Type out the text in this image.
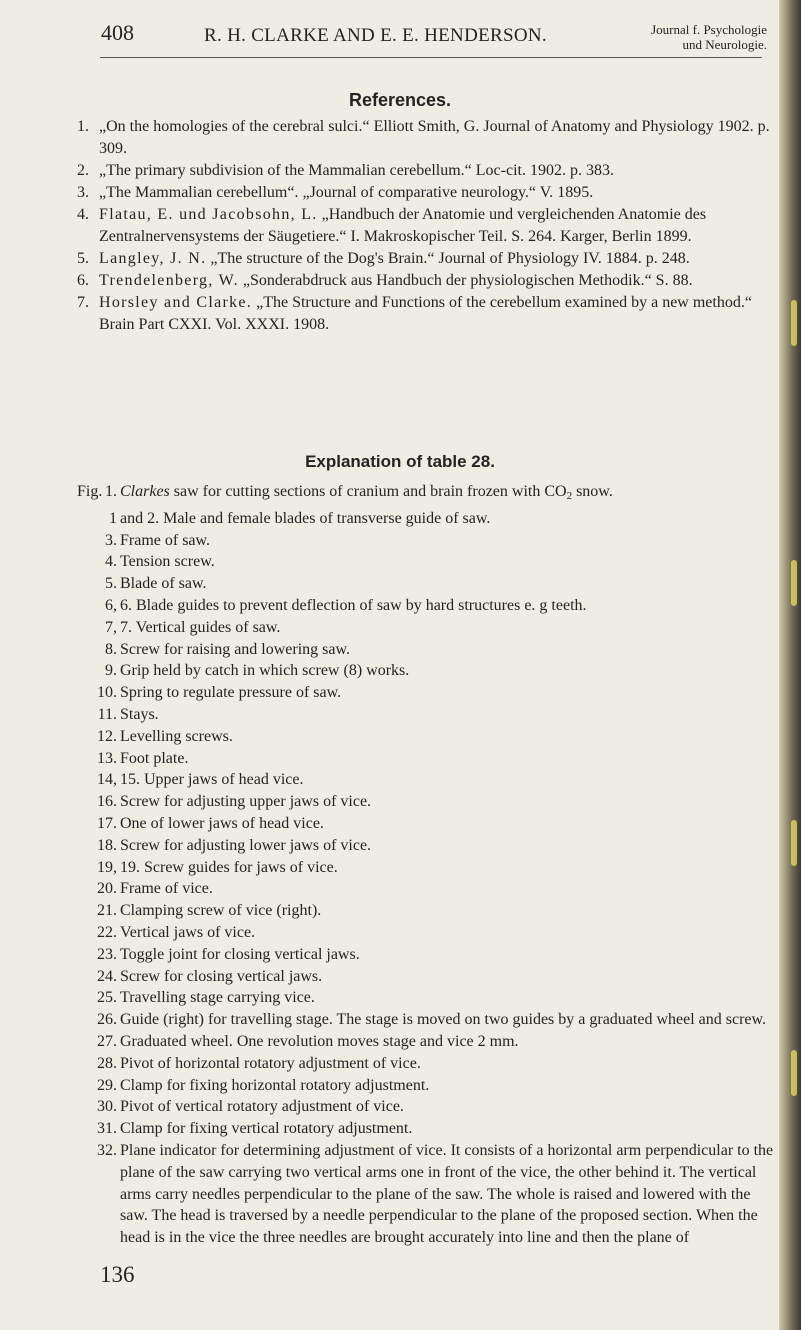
408	R. H. CLARKE AND E. E. HENDERSON.	Journal f. Psychologie
und Neurologie.
References.
1. „On the homologies of the cerebral sulci.“ Elliott Smith, G. Journal of Anatomy and Physiology 1902. p. 309.
2. „The primary subdivision of the Mammalian cerebellum.“ Loc-cit. 1902. p. 383.
3. „The Mammalian cerebellum“. „Journal of comparative neurology.“ V. 1895.
4. Flatau, E. und Jacobsohn, L. „Handbuch der Anatomie und vergleichenden Anatomie des Zentralnervensystems der Säugetiere.“ I. Makroskopischer Teil. S. 264. Karger, Berlin 1899.
5. Langley, J. N. „The structure of the Dog's Brain.“ Journal of Physiology IV. 1884. p. 248.
6. Trendelenberg, W. „Sonderabdruck aus Handbuch der physiologischen Methodik.“ S. 88.
7. Horsley and Clarke. „The Structure and Functions of the cerebellum examined by a new method.“ Brain Part CXXI. Vol. XXXI. 1908.
Explanation of table 28.
Fig. 1. Clarkes saw for cutting sections of cranium and brain frozen with $CO_2$ snow.
1 and 2. Male and female blades of transverse guide of saw.
3. Frame of saw.
4. Tension screw.
5. Blade of saw.
6, 6. Blade guides to prevent deflection of saw by hard structures e. g teeth.
7, 7. Vertical guides of saw.
8. Screw for raising and lowering saw.
9. Grip held by catch in which screw (8) works.
10. Spring to regulate pressure of saw.
11. Stays.
12. Levelling screws.
13. Foot plate.
14, 15. Upper jaws of head vice.
16. Screw for adjusting upper jaws of vice.
17. One of lower jaws of head vice.
18. Screw for adjusting lower jaws of vice.
19, 19. Screw guides for jaws of vice.
20. Frame of vice.
21. Clamping screw of vice (right).
22. Vertical jaws of vice.
23. Toggle joint for closing vertical jaws.
24. Screw for closing vertical jaws.
25. Travelling stage carrying vice.
26. Guide (right) for travelling stage. The stage is moved on two guides by a graduated wheel and screw.
27. Graduated wheel. One revolution moves stage and vice 2 mm.
28. Pivot of horizontal rotatory adjustment of vice.
29. Clamp for fixing horizontal rotatory adjustment.
30. Pivot of vertical rotatory adjustment of vice.
31. Clamp for fixing vertical rotatory adjustment.
32. Plane indicator for determining adjustment of vice. It consists of a horizontal arm perpendicular to the plane of the saw carrying two vertical arms one in front of the vice, the other behind it. The vertical arms carry needles perpendicular to the plane of the saw. The whole is raised and lowered with the saw. The head is traversed by a needle perpendicular to the plane of the proposed section. When the head is in the vice the three needles are brought accurately into line and then the plane of
136
